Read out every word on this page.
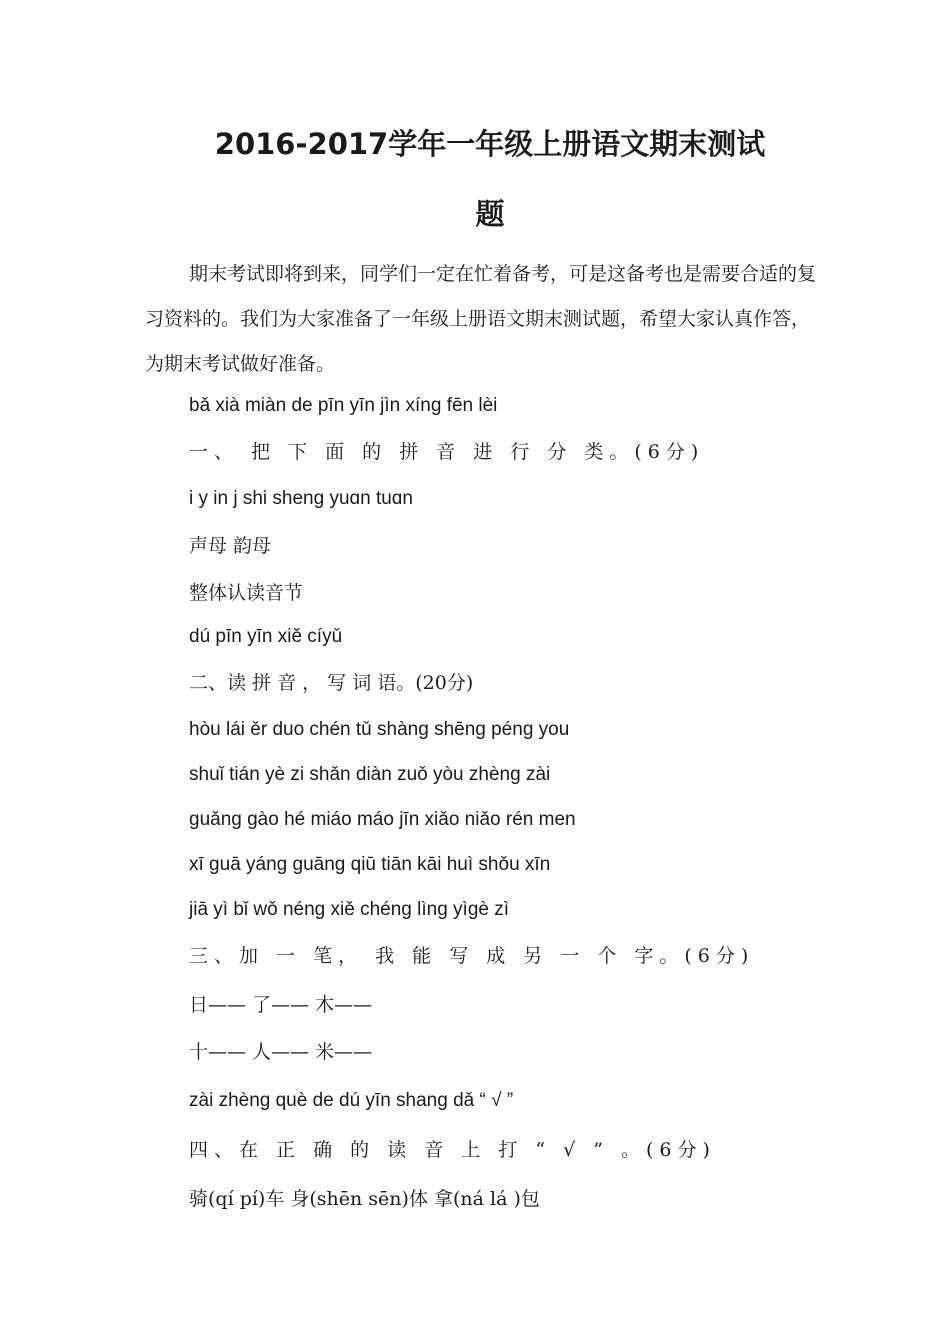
2016-2017学年一年级上册语文期末测试
题

期末考试即将到来，同学们一定在忙着备考，可是这备考也是需要合适的复习资料的。我们为大家准备了一年级上册语文期末测试题，希望大家认真作答，为期末考试做好准备。

bǎ xià miàn de pīn yīn jìn xíng fēn lèi

一、 把 下 面 的 拼 音 进 行 分 类。(6分)

i y in j shi sheng yuɑn tuɑn

声母 韵母

整体认读音节

dú pīn yīn xiě cíyǔ

二、读 拼 音 ， 写 词 语。(20分)

hòu lái ěr duo chén tǔ shàng shēng péng you

shuǐ tián yè zi shǎn diàn zuǒ yòu zhèng zài

guǎng gào hé miáo máo jīn xiǎo niǎo rén men

xī guā yáng guāng qiū tiān kāi huì shǒu xīn

jiā yì bǐ wǒ néng xiě chéng lìng yìgè zì

三、加 一 笔， 我 能 写 成 另 一 个 字。(6分)

日—— 了—— 木——

十—— 人—— 米——

zài zhèng què de dú yīn shang dǎ “ √ ”

四、在 正 确 的 读 音 上 打 “ √ ” 。(6分)

骑(qí pí)车 身(shēn sēn)体 拿(ná lá )包
